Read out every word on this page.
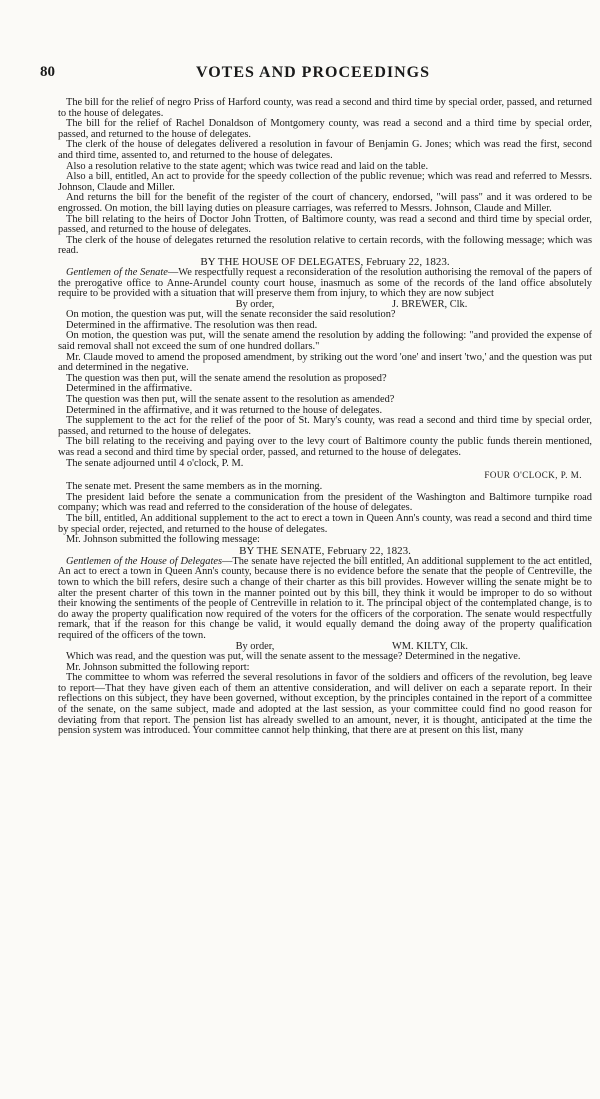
80	VOTES AND PROCEEDINGS

The bill for the relief of negro Priss of Harford county, was read a second and third time by special order, passed, and returned to the house of delegates.

The bill for the relief of Rachel Donaldson of Montgomery county, was read a second and a third time by special order, passed, and returned to the house of delegates.

The clerk of the house of delegates delivered a resolution in favour of Benjamin G. Jones; which was read the first, second and third time, assented to, and returned to the house of delegates.

Also a resolution relative to the state agent; which was twice read and laid on the table.

Also a bill, entitled, An act to provide for the speedy collection of the public revenue; which was read and referred to Messrs. Johnson, Claude and Miller.

And returns the bill for the benefit of the register of the court of chancery, endorsed, "will pass" and it was ordered to be engrossed. On motion, the bill laying duties on pleasure carriages, was referred to Messrs. Johnson, Claude and Miller.

The bill relating to the heirs of Doctor John Trotten, of Baltimore county, was read a second and third time by special order, passed, and returned to the house of delegates.

The clerk of the house of delegates returned the resolution relative to certain records, with the following message; which was read.

BY THE HOUSE OF DELEGATES, February 22, 1823.

Gentlemen of the Senate—We respectfully request a reconsideration of the resolution authorising the removal of the papers of the prerogative office to Anne-Arundel county court house, inasmuch as some of the records of the land office absolutely require to be provided with a situation that will preserve them from injury, to which they are now subject

By order,	J. BREWER, Clk.

On motion, the question was put, will the senate reconsider the said resolution?

Determined in the affirmative. The resolution was then read.

On motion, the question was put, will the senate amend the resolution by adding the following: "and provided the expense of said removal shall not exceed the sum of one hundred dollars."

Mr. Claude moved to amend the proposed amendment, by striking out the word 'one' and insert 'two,' and the question was put and determined in the negative.

The question was then put, will the senate amend the resolution as proposed?

Determined in the affirmative.

The question was then put, will the senate assent to the resolution as amended?

Determined in the affirmative, and it was returned to the house of delegates.

The supplement to the act for the relief of the poor of St. Mary's county, was read a second and third time by special order, passed, and returned to the house of delegates.

The bill relating to the receiving and paying over to the levy court of Baltimore county the public funds therein mentioned, was read a second and third time by special order, passed, and returned to the house of delegates.

The senate adjourned until 4 o'clock, P. M.

FOUR O'CLOCK, P. M.

The senate met. Present the same members as in the morning.

The president laid before the senate a communication from the president of the Washington and Baltimore turnpike road company; which was read and referred to the consideration of the house of delegates.

The bill, entitled, An additional supplement to the act to erect a town in Queen Ann's county, was read a second and third time by special order, rejected, and returned to the house of delegates.

Mr. Johnson submitted the following message:

BY THE SENATE, February 22, 1823.

Gentlemen of the House of Delegates—The senate have rejected the bill entitled, An additional supplement to the act entitled, An act to erect a town in Queen Ann's county, because there is no evidence before the senate that the people of Centreville, the town to which the bill refers, desire such a change of their charter as this bill provides. However willing the senate might be to alter the present charter of this town in the manner pointed out by this bill, they think it would be improper to do so without their knowing the sentiments of the people of Centreville in relation to it. The principal object of the contemplated change, is to do away the property qualification now required of the voters for the officers of the corporation. The senate would respectfully remark, that if the reason for this change be valid, it would equally demand the doing away of the property qualification required of the officers of the town.

By order,	WM. KILTY, Clk.

Which was read, and the question was put, will the senate assent to the message? Determined in the negative.

Mr. Johnson submitted the following report:

The committee to whom was referred the several resolutions in favor of the soldiers and officers of the revolution, beg leave to report—That they have given each of them an attentive consideration, and will deliver on each a separate report. In their reflections on this subject, they have been governed, without exception, by the principles contained in the report of a committee of the senate, on the same subject, made and adopted at the last session, as your committee could find no good reason for deviating from that report. The pension list has already swelled to an amount, never, it is thought, anticipated at the time the pension system was introduced. Your committee cannot help thinking, that there are at present on this list, many
